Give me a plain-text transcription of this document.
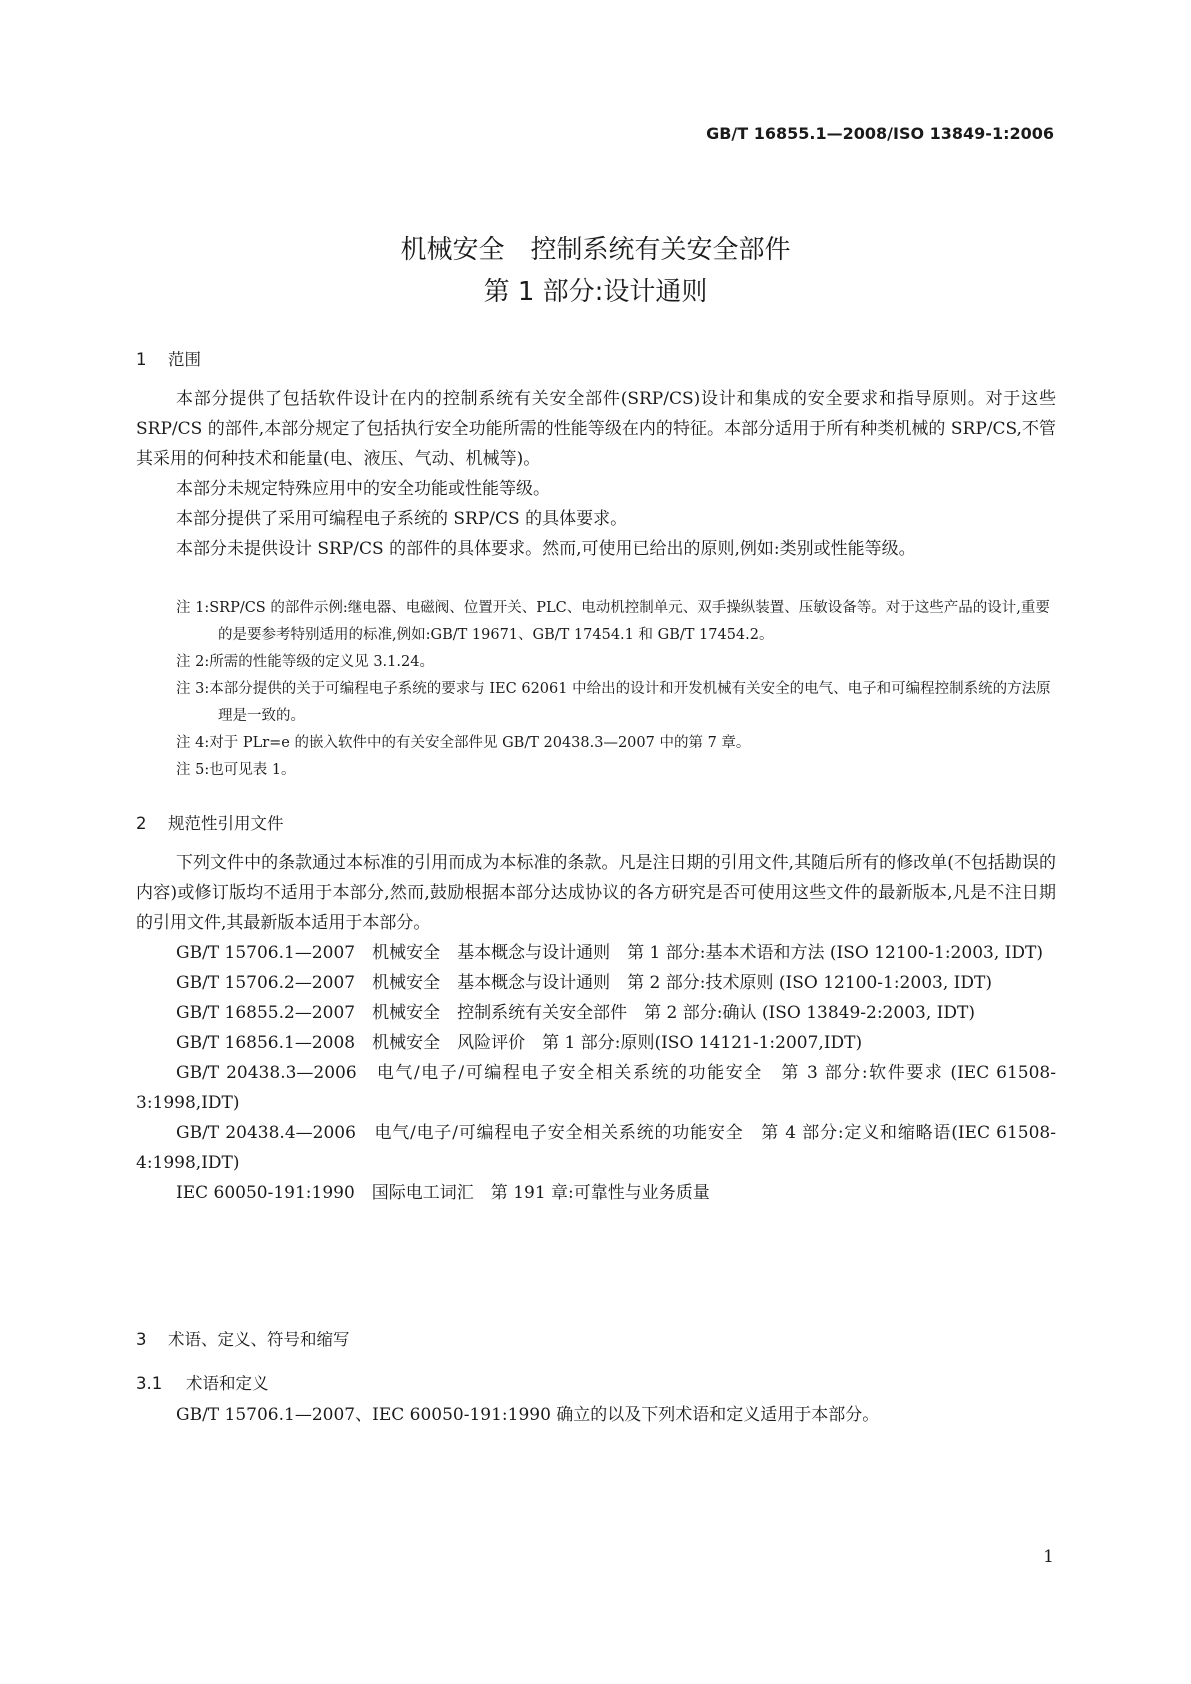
GB/T 16855.1—2008/ISO 13849-1:2006
机械安全　控制系统有关安全部件
第 1 部分:设计通则
1 范围

本部分提供了包括软件设计在内的控制系统有关安全部件(SRP/CS)设计和集成的安全要求和指导原则。对于这些 SRP/CS 的部件,本部分规定了包括执行安全功能所需的性能等级在内的特征。本部分适用于所有种类机械的 SRP/CS,不管其采用的何种技术和能量(电、液压、气动、机械等)。

本部分未规定特殊应用中的安全功能或性能等级。

本部分提供了采用可编程电子系统的 SRP/CS 的具体要求。

本部分未提供设计 SRP/CS 的部件的具体要求。然而,可使用已给出的原则,例如:类别或性能等级。

注 1:SRP/CS 的部件示例:继电器、电磁阀、位置开关、PLC、电动机控制单元、双手操纵装置、压敏设备等。对于这些产品的设计,重要的是要参考特别适用的标准,例如:GB/T 19671、GB/T 17454.1 和 GB/T 17454.2。
注 2:所需的性能等级的定义见 3.1.24。
注 3:本部分提供的关于可编程电子系统的要求与 IEC 62061 中给出的设计和开发机械有关安全的电气、电子和可编程控制系统的方法原理是一致的。
注 4:对于 PLr=e 的嵌入软件中的有关安全部件见 GB/T 20438.3—2007 中的第 7 章。
注 5:也可见表 1。
2 规范性引用文件

下列文件中的条款通过本标准的引用而成为本标准的条款。凡是注日期的引用文件,其随后所有的修改单(不包括勘误的内容)或修订版均不适用于本部分,然而,鼓励根据本部分达成协议的各方研究是否可使用这些文件的最新版本,凡是不注日期的引用文件,其最新版本适用于本部分。

GB/T 15706.1—2007　机械安全　基本概念与设计通则　第 1 部分:基本术语和方法 (ISO 12100-1:2003, IDT)

GB/T 15706.2—2007　机械安全　基本概念与设计通则　第 2 部分:技术原则 (ISO 12100-1:2003, IDT)

GB/T 16855.2—2007　机械安全　控制系统有关安全部件　第 2 部分:确认 (ISO 13849-2:2003, IDT)

GB/T 16856.1—2008　机械安全　风险评价　第 1 部分:原则(ISO 14121-1:2007,IDT)

GB/T 20438.3—2006　电气/电子/可编程电子安全相关系统的功能安全　第 3 部分:软件要求 (IEC 61508-3:1998,IDT)

GB/T 20438.4—2006　电气/电子/可编程电子安全相关系统的功能安全　第 4 部分:定义和缩略语(IEC 61508-4:1998,IDT)

IEC 60050-191:1990　国际电工词汇　第 191 章:可靠性与业务质量

3 术语、定义、符号和缩写
3.1 术语和定义

GB/T 15706.1—2007、IEC 60050-191:1990 确立的以及下列术语和定义适用于本部分。

1
